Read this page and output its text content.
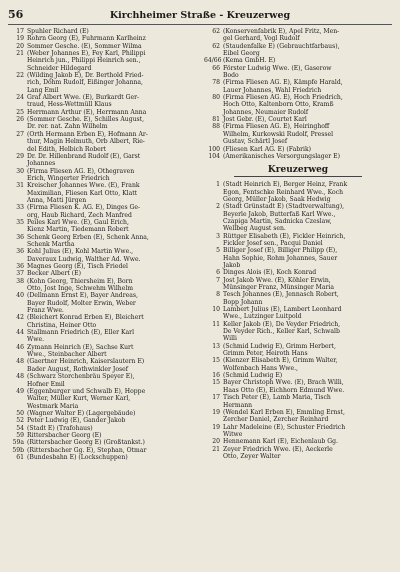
56	Kirchheimer Straße - Kreuzerweg
17 Spuhler Richard (E)
19 Rohrn Georg (E), Fuhrmann Karlheinz
20 Sommer Gesche. (E), Sommer Wilma
21 (Weber Johannes E), Fey Karl, Philippi
Heinrich jun., Philippi Heinrich sen.,
Schneider Hildegard
22 (Wilding Jakob E), Dr. Berthold Fried-
rich, Döhm Rudolf, Eißinger Johanna,
Lang Emil
24 Graf Albert Wwe. (E), Burkardt Ger-
traud, Hess-Wettmüll Klaus
25 Herrmann Arthur (E), Herrmann Anna
26 (Sommer Gesche. E), Schilles August,
Dr. rer. nat. Zahn Wilhelm
27 (Orth Hermann Erben E), Hofmann Ar-
thur, Magin Helmuth, Orb Albert, Rie-
del Edith, Helbich Robert
29 Dr. Dr. Hillenbrand Rudolf (E), Garst
Johannes
30 (Firma Fliesen AG. E), Othegraven
Erich, Wingerter Friedrich
31 Kreischer Johannes Wwe. (E), Frank
Maximilian, Fliesen Karl Otto, Klatt
Anna, Matti Jürgen
33 (Firma Fliesen K. AG. E), Dinges Ge-
org, Haub Richard, Zech Manfred
35 Peiles Karl Wwe. (E), Gaul Erich,
Kienz Martin, Tiedemann Robert
36 Schenk Georg Erben (E), Schenk Anna,
Schenk Martha
36 Kohl Julius (E), Kohl Martin Wwe.,
Daveraux Ludwig, Walther Ad. Wwe.
36 Magnes Georg (E), Tisch Friedel
37 Becker Albert (E)
38 (Kohn Georg, Thiersheim E), Born
Otto, Jost Inge, Schwehm Wilhelm
40 (Dellmann Ernst E), Bayer Andreas,
Bayer Rudolf, Molter Erwin, Weber
Franz Wwe.
42 (Bleichert Konrad Erben E), Bleichert
Christina, Heiner Otto
44 Stallmann Friedrich (E), Eller Karl
Wwe.
46 Zymann Heinrich (E), Sachse Kurt
Wwe., Steinbacher Albert
48 (Gaertner Heinrich, Kaiserslautern E)
Bader August, Rothwinkler Josef
48 (Schwarz Storchenbräu Speyer E),
Hofner Emil
49 (Eggenburger und Schwalb E), Hoppe
Walter, Müller Kurt, Werner Karl,
Westmark Maria
50 (Wagner Walter E) (Lagergebäude)
52 Peter Ludwig (E), Gander Jakob
54 (Stadt E) (Trafohaus)
59 Rittersbacher Georg (E)
59a (Rittersbacher Georg E) (Großtankst.)
59b (Rittersbacher Gg. E), Stephan, Otmar
61 (Bundesbahn E) (Lockschuppen)
62 (Konservenfabrik E), Apel Fritz, Men-
gel Gerhard, Vogl Rudolf
62 (Staudenfalke E) (Gebrauchtfarbaus),
Eibel Georg
64/66 (Kema GmbH. E)
66 Förster Ludwig Wwe. (E), Gaserow
Bodo
78 (Firma Fliesen AG. E), Kämpfe Harald,
Lauer Johannes, Wahl Friedrich
80 (Firma Fliesen AG. E), Hoch Friedrich,
Hoch Otto, Kaltenborn Otto, Kramß
Johannes, Neumaier Rudolf
81 Jost Gebr. (E), Courtet Karl
88 (Firma Fliesen AG. E), Heiringhoff
Wilhelm, Kurkowski Rudolf, Pressel
Gustav, Schärtl Josef
100 (Fliesen Karl AG. E) (Fabrik)
104 (Amerikanisches Versorgungslager E)
Kreuzerweg
1 (Stadt Heinrich E), Berger Heinz, Frank
Egon, Fentschke Reinhard Wwe., Koch
Georg, Müller Jakob, Saak Hedwig
2 (Stadt Grünstadt E) (Stadtverwaltung),
Beyerle Jakob, Butterfaß Karl Wwe.,
Czapiga Martin, Sadnicka Czeslaw,
Wellbeg August sen.
3 Rüttger Elisabeth (E), Fickler Heinrich,
Fickler Josef sen., Pacqui Daniel
5 Billiger Josef (E), Billiger Philipp (E),
Hahn Sophie, Rohm Johannes, Sauer
Jakob
6 Dinges Alois (E), Koch Konrad
7 Jost Jakob Wwe. (E), Köhler Erwin,
Münsinger Franz, Münsinger Maria
8 Tesch Johannes (E), Jennasch Robert,
Bopp Johann
10 Lambert Julius (E), Lambert Leonhard
Wwe., Lutzinger Luitpold
11 Keller Jakob (E), De Veyder Friedrich,
De Veyder Rich., Keller Karl, Schwalb
Willi
13 (Schmid Ludwig E), Grimm Herbert,
Grimm Peter, Heiroth Hans
15 (Kienzer Elisabeth E), Grimm Walter,
Wolfenbach Hans Wwe.,
16 (Schmid Ludwig E)
15 Bayer Christoph Wwe. (E), Brach Willi,
Haas Otto (E), Eichhorn Edmund Wwe.
17 Tisch Peter (E), Lamb Maria, Tisch
Hermann
19 (Wendel Karl Erben E), Emmling Ernst,
Zercher Daniel, Zercher Reinhard
19 Lahr Madeleine (E), Schuster Friedrich
Witwe
20 Hennemann Karl (E), Eichenlaub Gg.
21 Zeyer Friedrich Wwe. (E), Aeckerle
Otto, Zeyer Walter
